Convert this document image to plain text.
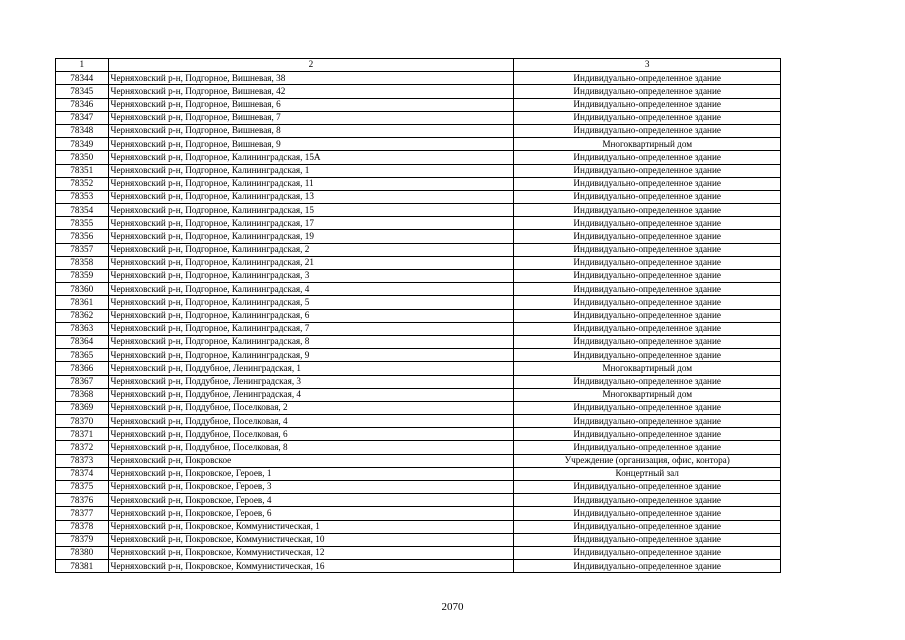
1	2	3
78344	Черняховский р-н, Подгорное, Вишневая, 38	Индивидуально-определенное здание
78345	Черняховский р-н, Подгорное, Вишневая, 42	Индивидуально-определенное здание
78346	Черняховский р-н, Подгорное, Вишневая, 6	Индивидуально-определенное здание
78347	Черняховский р-н, Подгорное, Вишневая, 7	Индивидуально-определенное здание
78348	Черняховский р-н, Подгорное, Вишневая, 8	Индивидуально-определенное здание
78349	Черняховский р-н, Подгорное, Вишневая, 9	Многоквартирный дом
78350	Черняховский р-н, Подгорное, Калининградская, 15А	Индивидуально-определенное здание
78351	Черняховский р-н, Подгорное, Калининградская, 1	Индивидуально-определенное здание
78352	Черняховский р-н, Подгорное, Калининградская, 11	Индивидуально-определенное здание
78353	Черняховский р-н, Подгорное, Калининградская, 13	Индивидуально-определенное здание
78354	Черняховский р-н, Подгорное, Калининградская, 15	Индивидуально-определенное здание
78355	Черняховский р-н, Подгорное, Калининградская, 17	Индивидуально-определенное здание
78356	Черняховский р-н, Подгорное, Калининградская, 19	Индивидуально-определенное здание
78357	Черняховский р-н, Подгорное, Калининградская, 2	Индивидуально-определенное здание
78358	Черняховский р-н, Подгорное, Калининградская, 21	Индивидуально-определенное здание
78359	Черняховский р-н, Подгорное, Калининградская, 3	Индивидуально-определенное здание
78360	Черняховский р-н, Подгорное, Калининградская, 4	Индивидуально-определенное здание
78361	Черняховский р-н, Подгорное, Калининградская, 5	Индивидуально-определенное здание
78362	Черняховский р-н, Подгорное, Калининградская, 6	Индивидуально-определенное здание
78363	Черняховский р-н, Подгорное, Калининградская, 7	Индивидуально-определенное здание
78364	Черняховский р-н, Подгорное, Калининградская, 8	Индивидуально-определенное здание
78365	Черняховский р-н, Подгорное, Калининградская, 9	Индивидуально-определенное здание
78366	Черняховский р-н, Поддубное, Ленинградская, 1	Многоквартирный дом
78367	Черняховский р-н, Поддубное, Ленинградская, 3	Индивидуально-определенное здание
78368	Черняховский р-н, Поддубное, Ленинградская, 4	Многоквартирный дом
78369	Черняховский р-н, Поддубное, Поселковая, 2	Индивидуально-определенное здание
78370	Черняховский р-н, Поддубное, Поселковая, 4	Индивидуально-определенное здание
78371	Черняховский р-н, Поддубное, Поселковая, 6	Индивидуально-определенное здание
78372	Черняховский р-н, Поддубное, Поселковая, 8	Индивидуально-определенное здание
78373	Черняховский р-н, Покровское	Учреждение (организация, офис, контора)
78374	Черняховский р-н, Покровское, Героев, 1	Концертный зал
78375	Черняховский р-н, Покровское, Героев, 3	Индивидуально-определенное здание
78376	Черняховский р-н, Покровское, Героев, 4	Индивидуально-определенное здание
78377	Черняховский р-н, Покровское, Героев, 6	Индивидуально-определенное здание
78378	Черняховский р-н, Покровское, Коммунистическая, 1	Индивидуально-определенное здание
78379	Черняховский р-н, Покровское, Коммунистическая, 10	Индивидуально-определенное здание
78380	Черняховский р-н, Покровское, Коммунистическая, 12	Индивидуально-определенное здание
78381	Черняховский р-н, Покровское, Коммунистическая, 16	Индивидуально-определенное здание
2070
